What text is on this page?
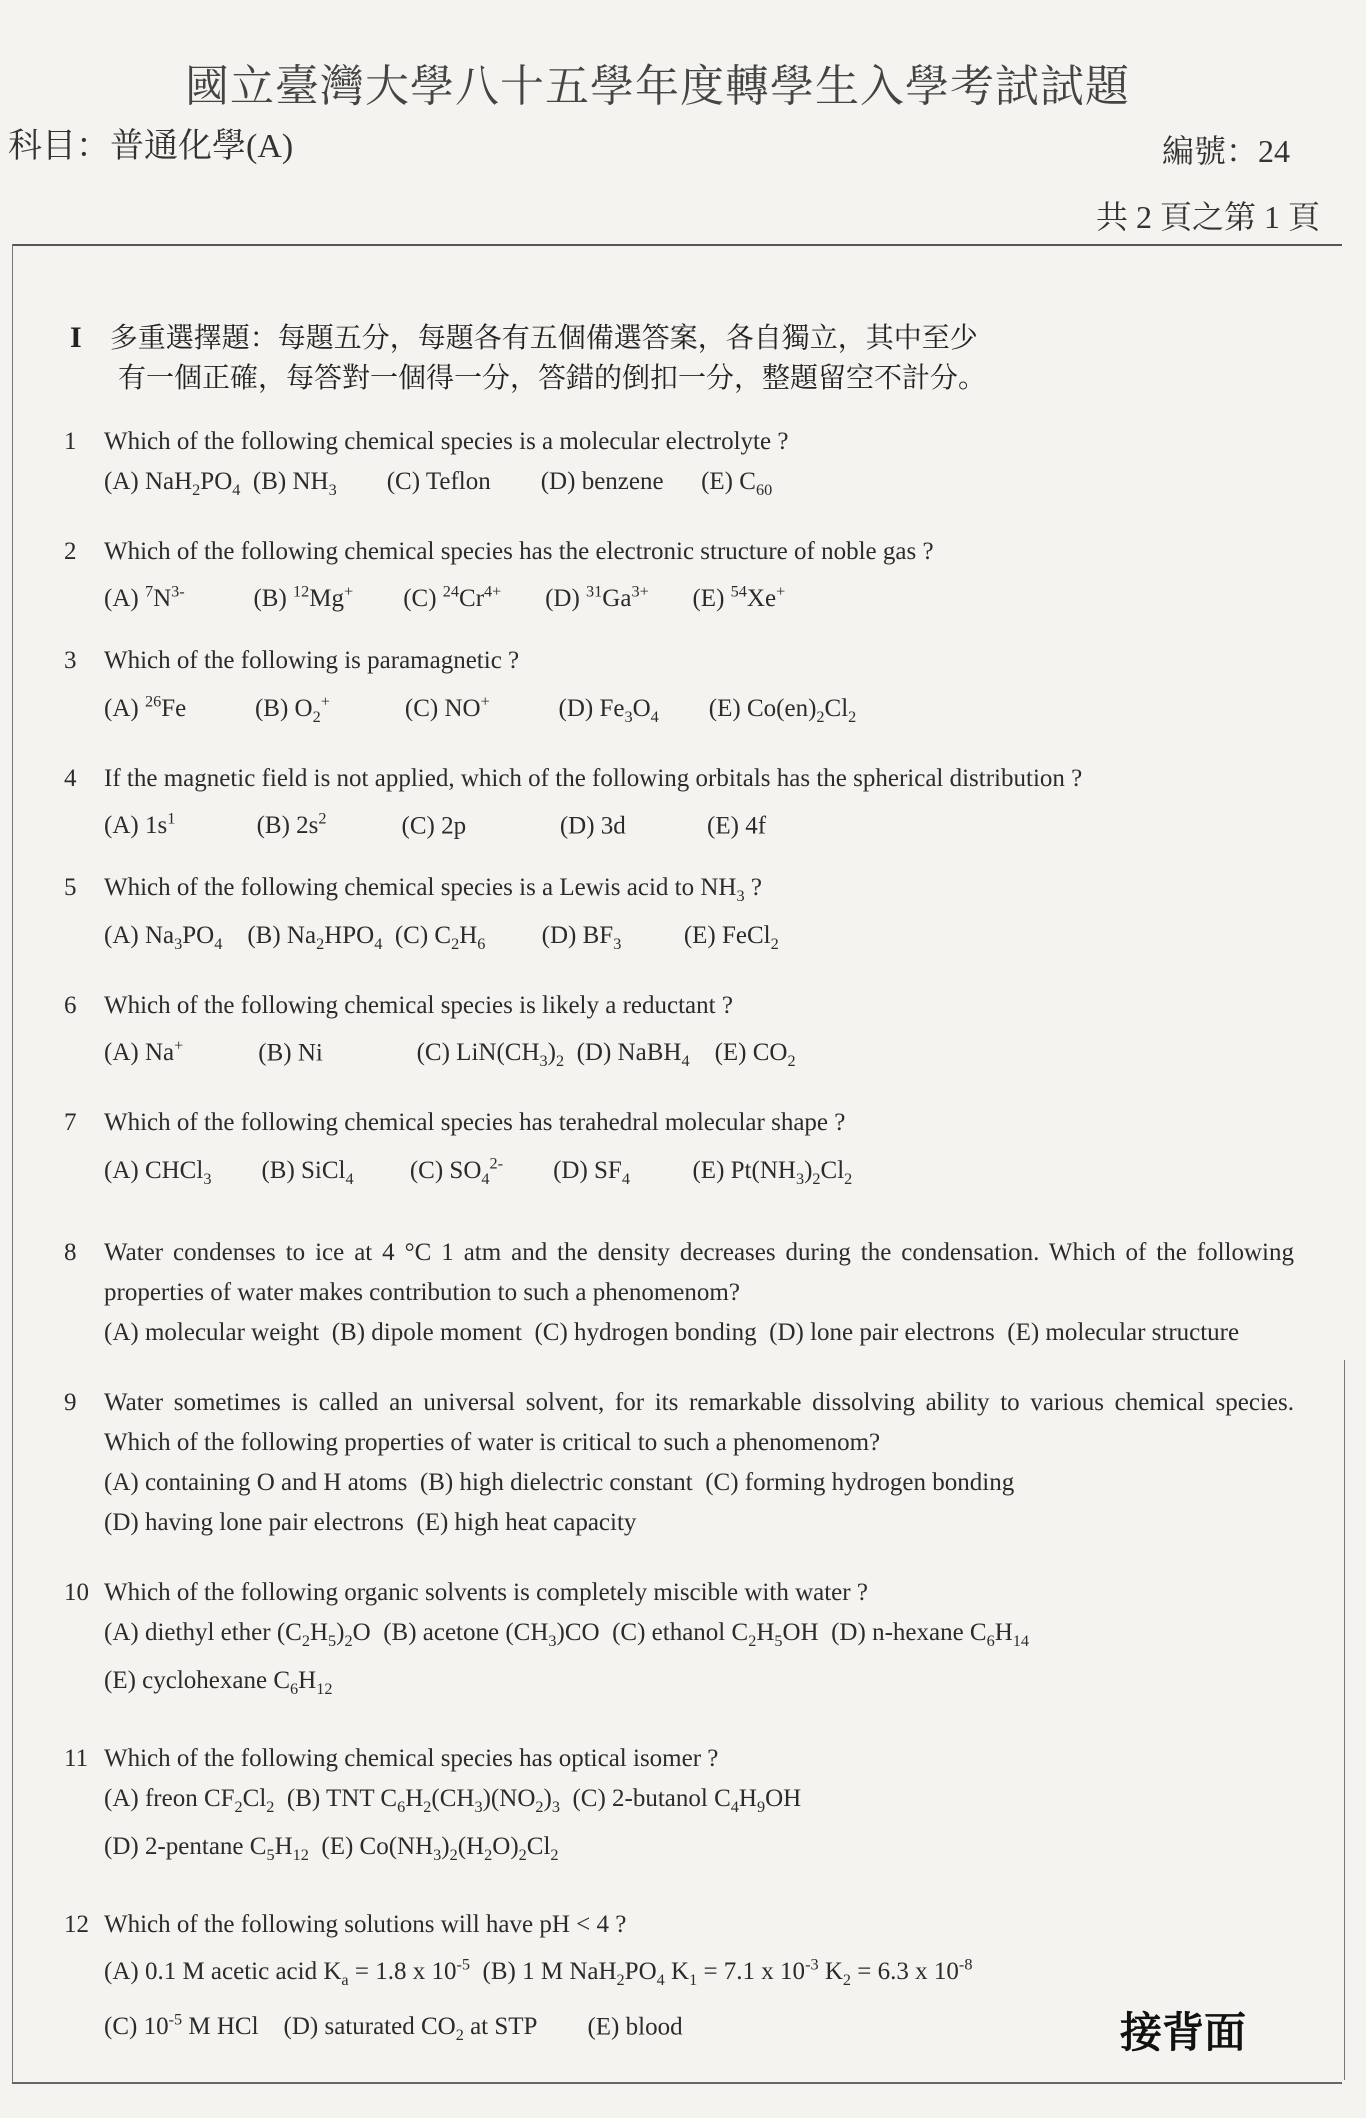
國立臺灣大學八十五學年度轉學生入學考試試題
科目：普通化學(A)	編號：24
共 2 頁之第 1 頁
I 多重選擇題：每題五分，每題各有五個備選答案，各自獨立，其中至少
有一個正確，每答對一個得一分，答錯的倒扣一分，整題留空不計分。
1 Which of the following chemical species is a molecular electrolyte ?
(A) $NaH_2PO_4$ (B) $NH_3$ (C) Teflon (D) benzene (E) $C_{60}$
2 Which of the following chemical species has the electronic structure of noble gas ?
(A) $^7N^{3-}$	(B) $^{12}$Mg+ (C) $^{24}Cr^{4+}$ (D) $^{31}Ga^{3+}$ (E) $^{54}$Xe+
3 Which of the following is paramagnetic ?
(A) $^{26}$Fe	(B) $O_2^+$	(C) NO+	(D) $Fe_3O_4$ (E) $Co(en)_2Cl_2$
4 If the magnetic field is not applied, which of the following orbitals has the spherical distribution ?
(A) $1s^1$	(B) $2s^2$	(C) 2p	(D) 3d	(E) 4f
5 Which of the following chemical species is a Lewis acid to $NH_3$ ?
(A) $Na_3PO_4$ (B) $Na_2HPO_4$ (C) $C_2H_6$ (D) $BF_3$	(E) FeCl$_2$
6 Which of the following chemical species is likely a reductant ?
(A) Na+	(B) Ni	(C) $LiN(CH_3)_2$ (D) NaBH$_4$ (E) $CO_2$
7 Which of the following chemical species has terahedral molecular shape ?
(A) CHCl$_3$ (B) SiCl$_4$ (C) $SO_4^{2-}$ (D) $SF_4$	(E) $Pt(NH_3)_2Cl_2$
8	Water condenses to ice at 4 °C 1 atm and the density decreases during the condensation. Which of the following properties of water makes contribution to such a phenomenom?
(A) molecular weight (B) dipole moment (C) hydrogen bonding (D) lone pair electrons (E) molecular structure
9	Water sometimes is called an universal solvent, for its remarkable dissolving ability to various chemical species. Which of the following properties of water is critical to such a phenomenom?
(A) containing O and H atoms (B) high dielectric constant (C) forming hydrogen bonding
(D) having lone pair electrons (E) high heat capacity
10 Which of the following organic solvents is completely miscible with water ?
(A) diethyl ether $(C_2H_5)_2O$ (B) acetone $(CH_3)CO$ (C) ethanol $C_2H_5OH$ (D) n-hexane $C_6H_{14}$
(E) cyclohexane $C_6H_{12}$
11 Which of the following chemical species has optical isomer ?
(A) freon $CF_2Cl_2$ (B) TNT $C_6H_2(CH_3)(NO_2)_3$ (C) 2-butanol $C_4H_9OH$
(D) 2-pentane $C_5H_{12}$ (E) $Co(NH_3)_2(H_2O)_2Cl_2$
12 Which of the following solutions will have pH < 4 ?
(A) 0.1 M acetic acid $K_a = 1.8$ x $10^{-5}$ (B) 1 M $NaH_2PO_4$ $K_1 = 7.1$ x $10^{-3}$ $K_2 = 6.3$ x $10^{-8}$
(C) $10^{-5}$ M HCl (D) saturated $CO_2$ at STP (E) blood	接背面
